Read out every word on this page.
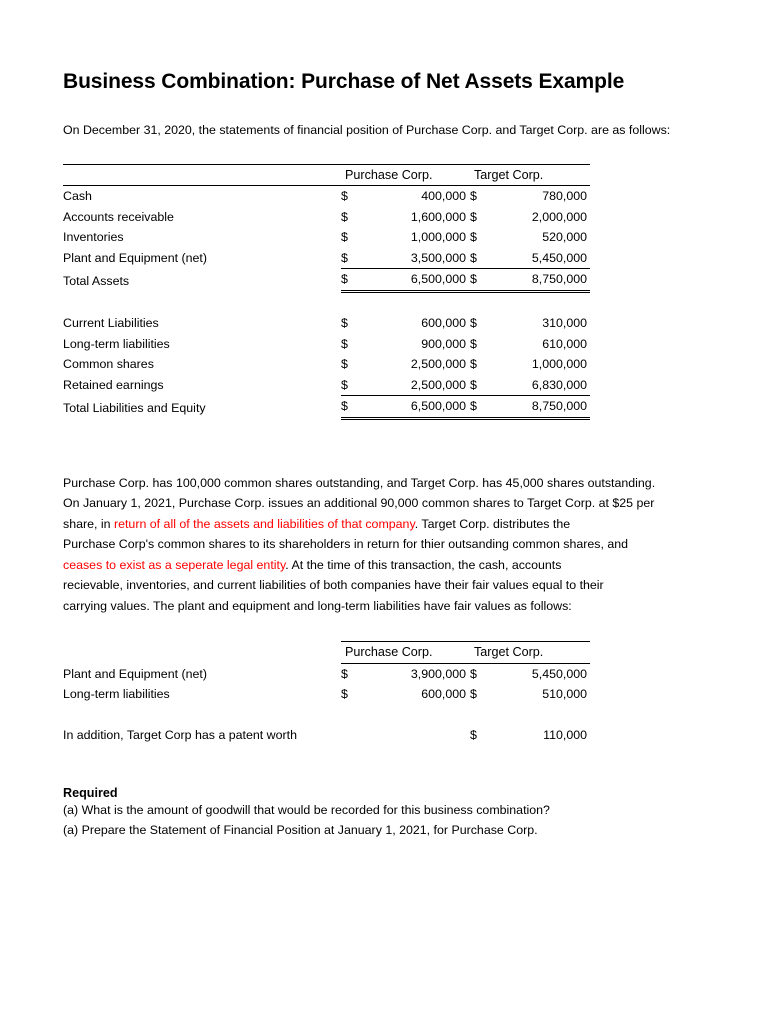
Business Combination: Purchase of Net Assets Example

On December 31, 2020, the statements of financial position of Purchase Corp. and Target Corp. are as follows:

	Purchase Corp.		Target Corp.	
Cash	$	400,000	$	780,000
Accounts receivable	$	1,600,000	$	2,000,000
Inventories	$	1,000,000	$	520,000
Plant and Equipment (net)	$	3,500,000	$	5,450,000
Total Assets	$	6,500,000	$	8,750,000

Current Liabilities	$	600,000	$	310,000
Long-term liabilities	$	900,000	$	610,000
Common shares	$	2,500,000	$	1,000,000
Retained earnings	$	2,500,000	$	6,830,000
Total Liabilities and Equity	$	6,500,000	$	8,750,000

Purchase Corp. has 100,000 common shares outstanding, and Target Corp. has 45,000 shares outstanding.

On January 1, 2021, Purchase Corp. issues an additional 90,000 common shares to Target Corp. at $25 per

share, in return of all of the assets and liabilities of that company. Target Corp. distributes the

Purchase Corp's common shares to its shareholders in return for thier outsanding common shares, and

ceases to exist as a seperate legal entity. At the time of this transaction, the cash, accounts

recievable, inventories, and current liabilities of both companies have their fair values equal to their

carrying values. The plant and equipment and long-term liabilities have fair values as follows:

	Purchase Corp.		Target Corp.	
Plant and Equipment (net)	$	3,900,000	$	5,450,000
Long-term liabilities	$	600,000	$	510,000

In addition, Target Corp has a patent worth			$	110,000

Required

(a) What is the amount of goodwill that would be recorded for this business combination?

(a) Prepare the Statement of Financial Position at January 1, 2021, for Purchase Corp.
